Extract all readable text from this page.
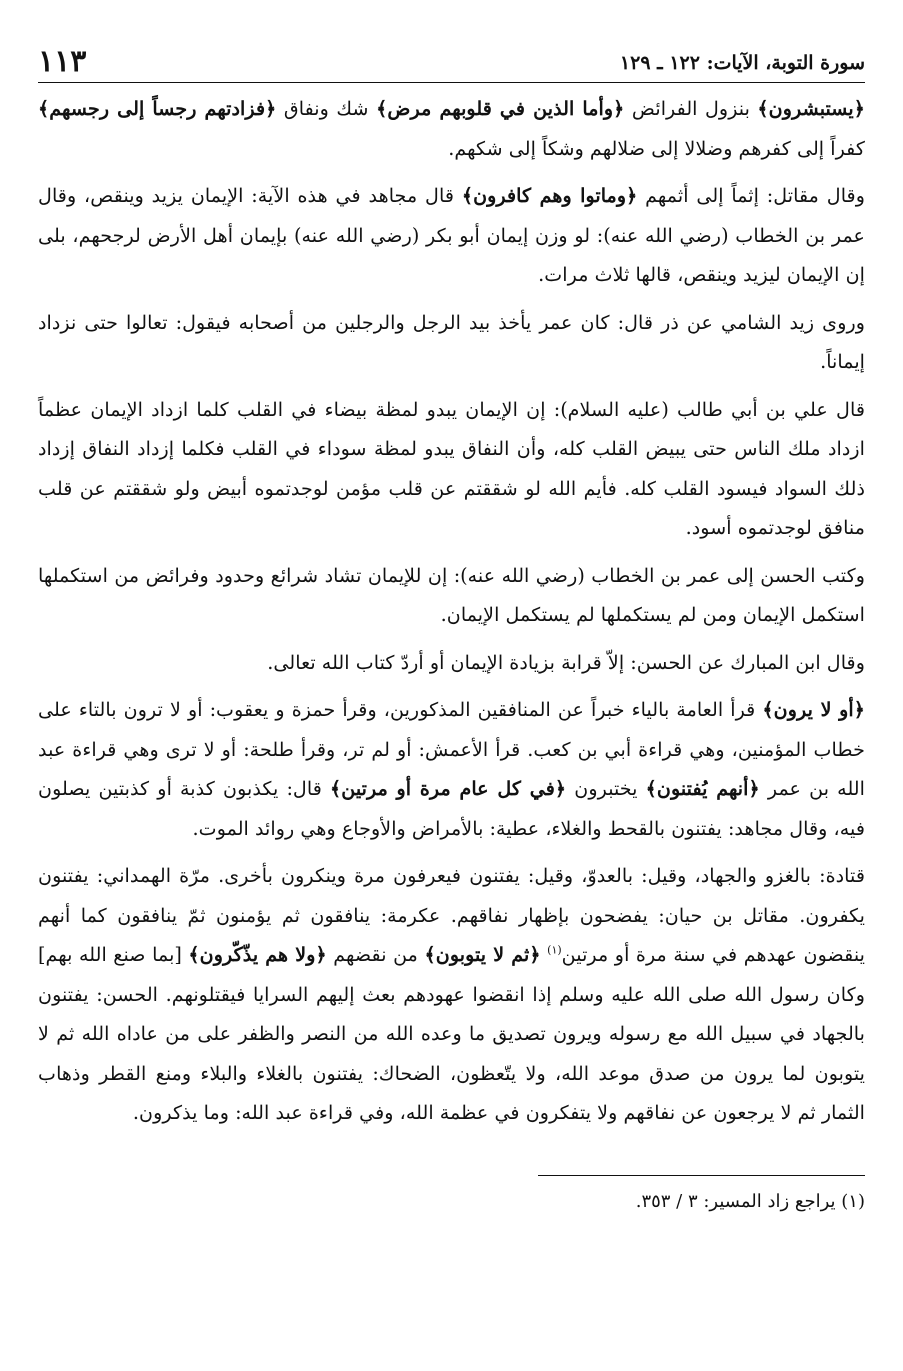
سورة التوبة، الآيات: ١٢٢ ـ ١٢٩
١١٣

﴿يستبشرون﴾ بنزول الفرائض ﴿وأما الذين في قلوبهم مرض﴾ شك ونفاق ﴿فزادتهم رجساً إلى رجسهم﴾ كفراً إلى كفرهم وضلالا إلى ضلالهم وشكاً إلى شكهم.

وقال مقاتل: إثماً إلى أثمهم ﴿وماتوا وهم كافرون﴾ قال مجاهد في هذه الآية: الإيمان يزيد وينقص، وقال عمر بن الخطاب (رضي الله عنه): لو وزن إيمان أبو بكر (رضي الله عنه) بإيمان أهل الأرض لرجحهم، بلى إن الإيمان ليزيد وينقص، قالها ثلاث مرات.

وروى زيد الشامي عن ذر قال: كان عمر يأخذ بيد الرجل والرجلين من أصحابه فيقول: تعالوا حتى نزداد إيماناً.

قال علي بن أبي طالب (عليه السلام): إن الإيمان يبدو لمظة بيضاء في القلب كلما ازداد الإيمان عظماً ازداد ملك الناس حتى يبيض القلب كله، وأن النفاق يبدو لمظة سوداء في القلب فكلما إزداد النفاق إزداد ذلك السواد فيسود القلب كله. فأيم الله لو شققتم عن قلب مؤمن لوجدتموه أبيض ولو شققتم عن قلب منافق لوجدتموه أسود.

وكتب الحسن إلى عمر بن الخطاب (رضي الله عنه): إن للإيمان تشاد شرائع وحدود وفرائض من استكملها استكمل الإيمان ومن لم يستكملها لم يستكمل الإيمان.

وقال ابن المبارك عن الحسن: إلاّ قرابة بزيادة الإيمان أو أردّ كتاب الله تعالى.

﴿أو لا يرون﴾ قرأ العامة بالياء خبراً عن المنافقين المذكورين، وقرأ حمزة و يعقوب: أو لا ترون بالتاء على خطاب المؤمنين، وهي قراءة أبي بن كعب. قرأ الأعمش: أو لم تر، وقرأ طلحة: أو لا ترى وهي قراءة عبد الله بن عمر ﴿أنهم يُفتنون﴾ يختبرون ﴿في كل عام مرة أو مرتين﴾ قال: يكذبون كذبة أو كذبتين يصلون فيه، وقال مجاهد: يفتنون بالقحط والغلاء، عطية: بالأمراض والأوجاع وهي روائد الموت.

قتادة: بالغزو والجهاد، وقيل: بالعدوّ، وقيل: يفتنون فيعرفون مرة وينكرون بأخرى. مرّة الهمداني: يفتنون يكفرون. مقاتل بن حيان: يفضحون بإظهار نفاقهم. عكرمة: ينافقون ثم يؤمنون ثمّ ينافقون كما أنهم ينقضون عهدهم في سنة مرة أو مرتين$^{(١)}$ ﴿ثم لا يتوبون﴾ من نقضهم ﴿ولا هم يذّكّرون﴾ [بما صنع الله بهم] وكان رسول الله صلى الله عليه وسلم إذا انقضوا عهودهم بعث إليهم السرايا فيقتلونهم. الحسن: يفتنون بالجهاد في سبيل الله مع رسوله ويرون تصديق ما وعده الله من النصر والظفر على من عاداه الله ثم لا يتوبون لما يرون من صدق موعد الله، ولا يتّعظون، الضحاك: يفتنون بالغلاء والبلاء ومنع القطر وذهاب الثمار ثم لا يرجعون عن نفاقهم ولا يتفكرون في عظمة الله، وفي قراءة عبد الله: وما يذكرون.

(١) يراجع زاد المسير: ٣ / ٣٥٣.
